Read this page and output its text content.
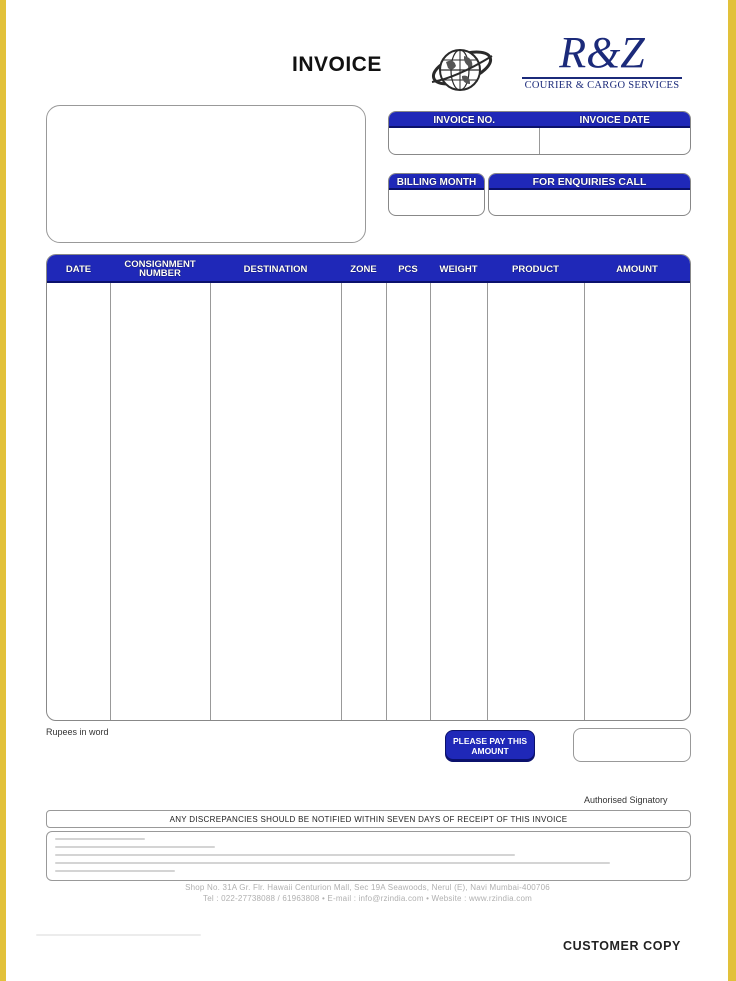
INVOICE	R&Z
COURIER & CARGO SERVICES
INVOICE NO.	INVOICE DATE
BILLING MONTH	FOR ENQUIRIES CALL
DATE	CONSIGNMENT NUMBER	DESTINATION	ZONE	PCS	WEIGHT	PRODUCT	AMOUNT
Rupees in word
PLEASE PAY THIS AMOUNT
Authorised Signatory
ANY DISCREPANCIES SHOULD BE NOTIFIED WITHIN SEVEN DAYS OF RECEIPT OF THIS INVOICE
Shop No. 31A Gr. Flr. Hawaii Centurion Mall, Sec 19A Seawoods, Nerul (E), Navi Mumbai-400706
Tel : 022-27738088 / 61963808 • E-mail : info@rzindia.com • Website : www.rzindia.com
CUSTOMER COPY
